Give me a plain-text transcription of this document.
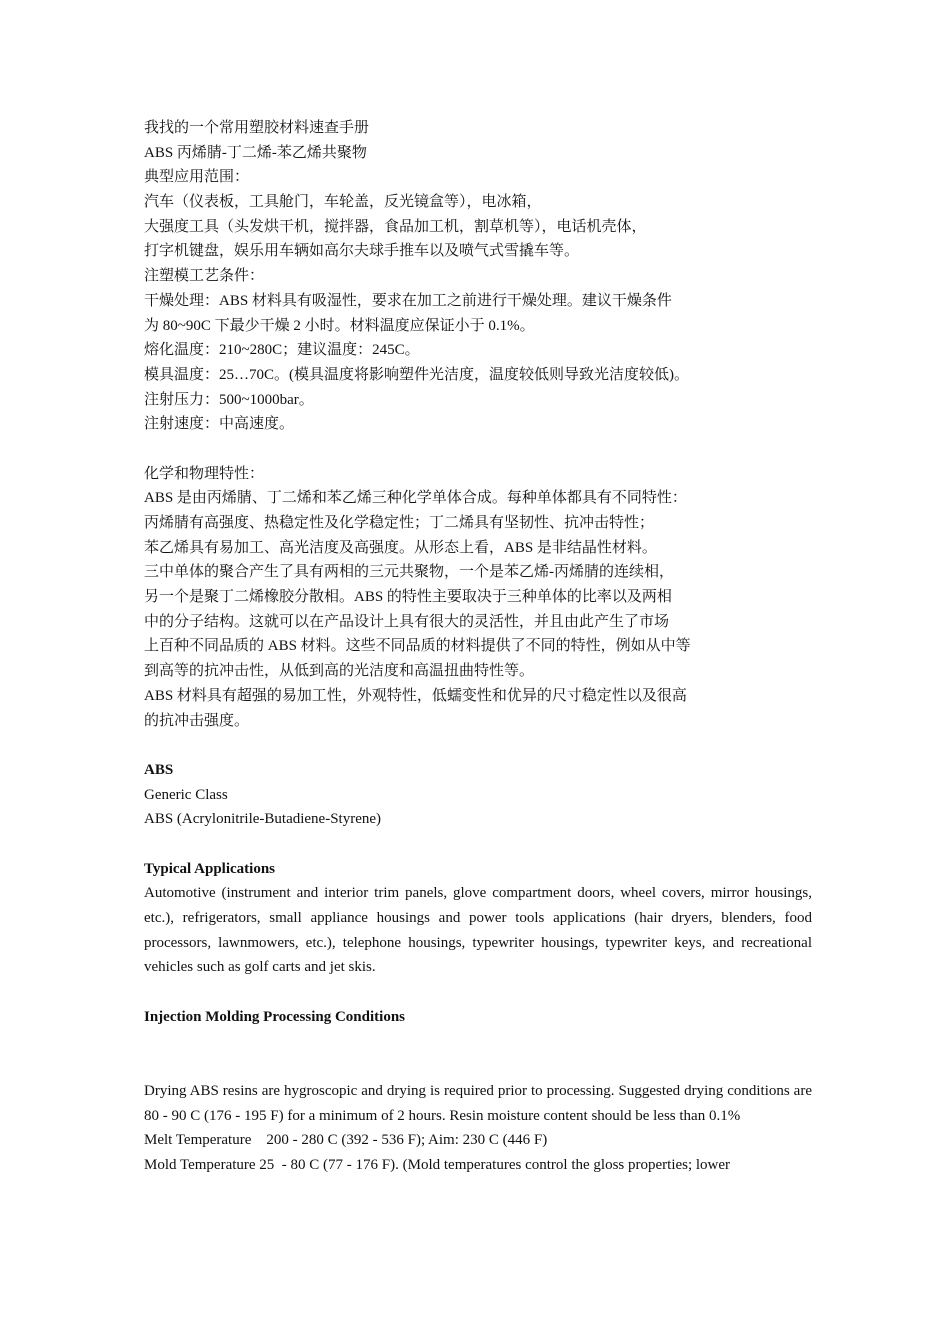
我找的一个常用塑胶材料速查手册
ABS 丙烯腈-丁二烯-苯乙烯共聚物
典型应用范围：
汽车（仪表板，工具舱门，车轮盖，反光镜盒等），电冰箱，
大强度工具（头发烘干机，搅拌器，食品加工机，割草机等），电话机壳体，
打字机键盘，娱乐用车辆如高尔夫球手推车以及喷气式雪撬车等。
注塑模工艺条件：
干燥处理：ABS 材料具有吸湿性，要求在加工之前进行干燥处理。建议干燥条件
为 80~90C 下最少干燥 2 小时。材料温度应保证小于 0.1%。
熔化温度：210~280C；建议温度：245C。
模具温度：25…70C。(模具温度将影响塑件光洁度，温度较低则导致光洁度较低)。
注射压力：500~1000bar。
注射速度：中高速度。
化学和物理特性：
ABS 是由丙烯腈、丁二烯和苯乙烯三种化学单体合成。每种单体都具有不同特性：
丙烯腈有高强度、热稳定性及化学稳定性；丁二烯具有坚韧性、抗冲击特性；
苯乙烯具有易加工、高光洁度及高强度。从形态上看，ABS 是非结晶性材料。
三中单体的聚合产生了具有两相的三元共聚物，一个是苯乙烯-丙烯腈的连续相，
另一个是聚丁二烯橡胶分散相。ABS 的特性主要取决于三种单体的比率以及两相
中的分子结构。这就可以在产品设计上具有很大的灵活性，并且由此产生了市场
上百种不同品质的 ABS 材料。这些不同品质的材料提供了不同的特性，例如从中等
到高等的抗冲击性，从低到高的光洁度和高温扭曲特性等。
ABS 材料具有超强的易加工性，外观特性，低蠕变性和优异的尺寸稳定性以及很高
的抗冲击强度。
ABS
Generic Class
ABS (Acrylonitrile-Butadiene-Styrene)
Typical Applications
Automotive (instrument and interior trim panels, glove compartment doors, wheel covers, mirror housings, etc.), refrigerators, small appliance housings and power tools applications (hair dryers, blenders, food processors, lawnmowers, etc.), telephone housings, typewriter housings, typewriter keys, and recreational vehicles such as golf carts and jet skis.
Injection Molding Processing Conditions
Drying ABS resins are hygroscopic and drying is required prior to processing. Suggested drying conditions are 80 - 90 C (176 - 195 F) for a minimum of 2 hours. Resin moisture content should be less than 0.1%
Melt Temperature    200 - 280 C (392 - 536 F); Aim: 230 C (446 F)
Mold Temperature 25  - 80 C (77 - 176 F). (Mold temperatures control the gloss properties; lower
